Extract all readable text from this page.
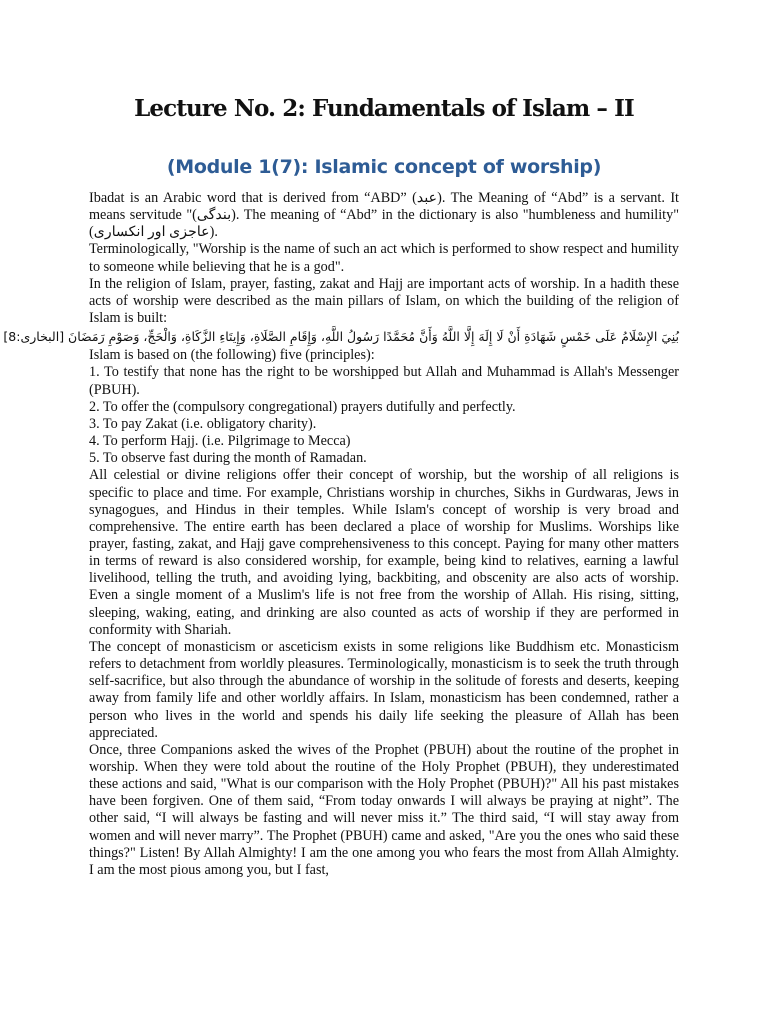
Lecture No. 2: Fundamentals of Islam – II
(Module 1(7): Islamic concept of worship)

Ibadat is an Arabic word that is derived from “ABD” (عبد). The Meaning of “Abd” is a servant. It means servitude "(بندگی). The meaning of “Abd” in the dictionary is also "humbleness and humility"(عاجزی اور انکساری).

Terminologically, "Worship is the name of such an act which is performed to show respect and humility to someone while believing that he is a god".

In the religion of Islam, prayer, fasting, zakat and Hajj are important acts of worship. In a hadith these acts of worship were described as the main pillars of Islam, on which the building of the religion of Islam is built:

بُنِيَ الإِسْلَامُ عَلَى خَمْسٍ شَهَادَةِ أَنْ لَا إِلَهَ إِلَّا اللَّهُ وَأَنَّ مُحَمَّدًا رَسُولُ اللَّهِ، وَإِقَامِ الصَّلَاةِ، وَإِيتَاءِ الزَّكَاةِ، وَالْحَجِّ، وَصَوْمِ رَمَضَانَ [البخاری:8]

Islam is based on (the following) five (principles):

1. To testify that none has the right to be worshipped but Allah and Muhammad is Allah's Messenger (PBUH).

2. To offer the (compulsory congregational) prayers dutifully and perfectly.

3. To pay Zakat (i.e. obligatory charity).

4. To perform Hajj. (i.e. Pilgrimage to Mecca)

5. To observe fast during the month of Ramadan.

All celestial or divine religions offer their concept of worship, but the worship of all religions is specific to place and time. For example, Christians worship in churches, Sikhs in Gurdwaras, Jews in synagogues, and Hindus in their temples. While Islam's concept of worship is very broad and comprehensive. The entire earth has been declared a place of worship for Muslims. Worships like prayer, fasting, zakat, and Hajj gave comprehensiveness to this concept. Paying for many other matters in terms of reward is also considered worship, for example, being kind to relatives, earning a lawful livelihood, telling the truth, and avoiding lying, backbiting, and obscenity are also acts of worship. Even a single moment of a Muslim's life is not free from the worship of Allah. His rising, sitting, sleeping, waking, eating, and drinking are also counted as acts of worship if they are performed in conformity with Shariah.

The concept of monasticism or asceticism exists in some religions like Buddhism etc. Monasticism refers to detachment from worldly pleasures. Terminologically, monasticism is to seek the truth through self-sacrifice, but also through the abundance of worship in the solitude of forests and deserts, keeping away from family life and other worldly affairs. In Islam, monasticism has been condemned, rather a person who lives in the world and spends his daily life seeking the pleasure of Allah has been appreciated.

Once, three Companions asked the wives of the Prophet (PBUH) about the routine of the prophet in worship. When they were told about the routine of the Holy Prophet (PBUH), they underestimated these actions and said, "What is our comparison with the Holy Prophet (PBUH)?" All his past mistakes have been forgiven. One of them said, “From today onwards I will always be praying at night”. The other said, “I will always be fasting and will never miss it.” The third said, “I will stay away from women and will never marry”. The Prophet (PBUH) came and asked, "Are you the ones who said these things?" Listen! By Allah Almighty! I am the one among you who fears the most from Allah Almighty. I am the most pious among you, but I fast,
